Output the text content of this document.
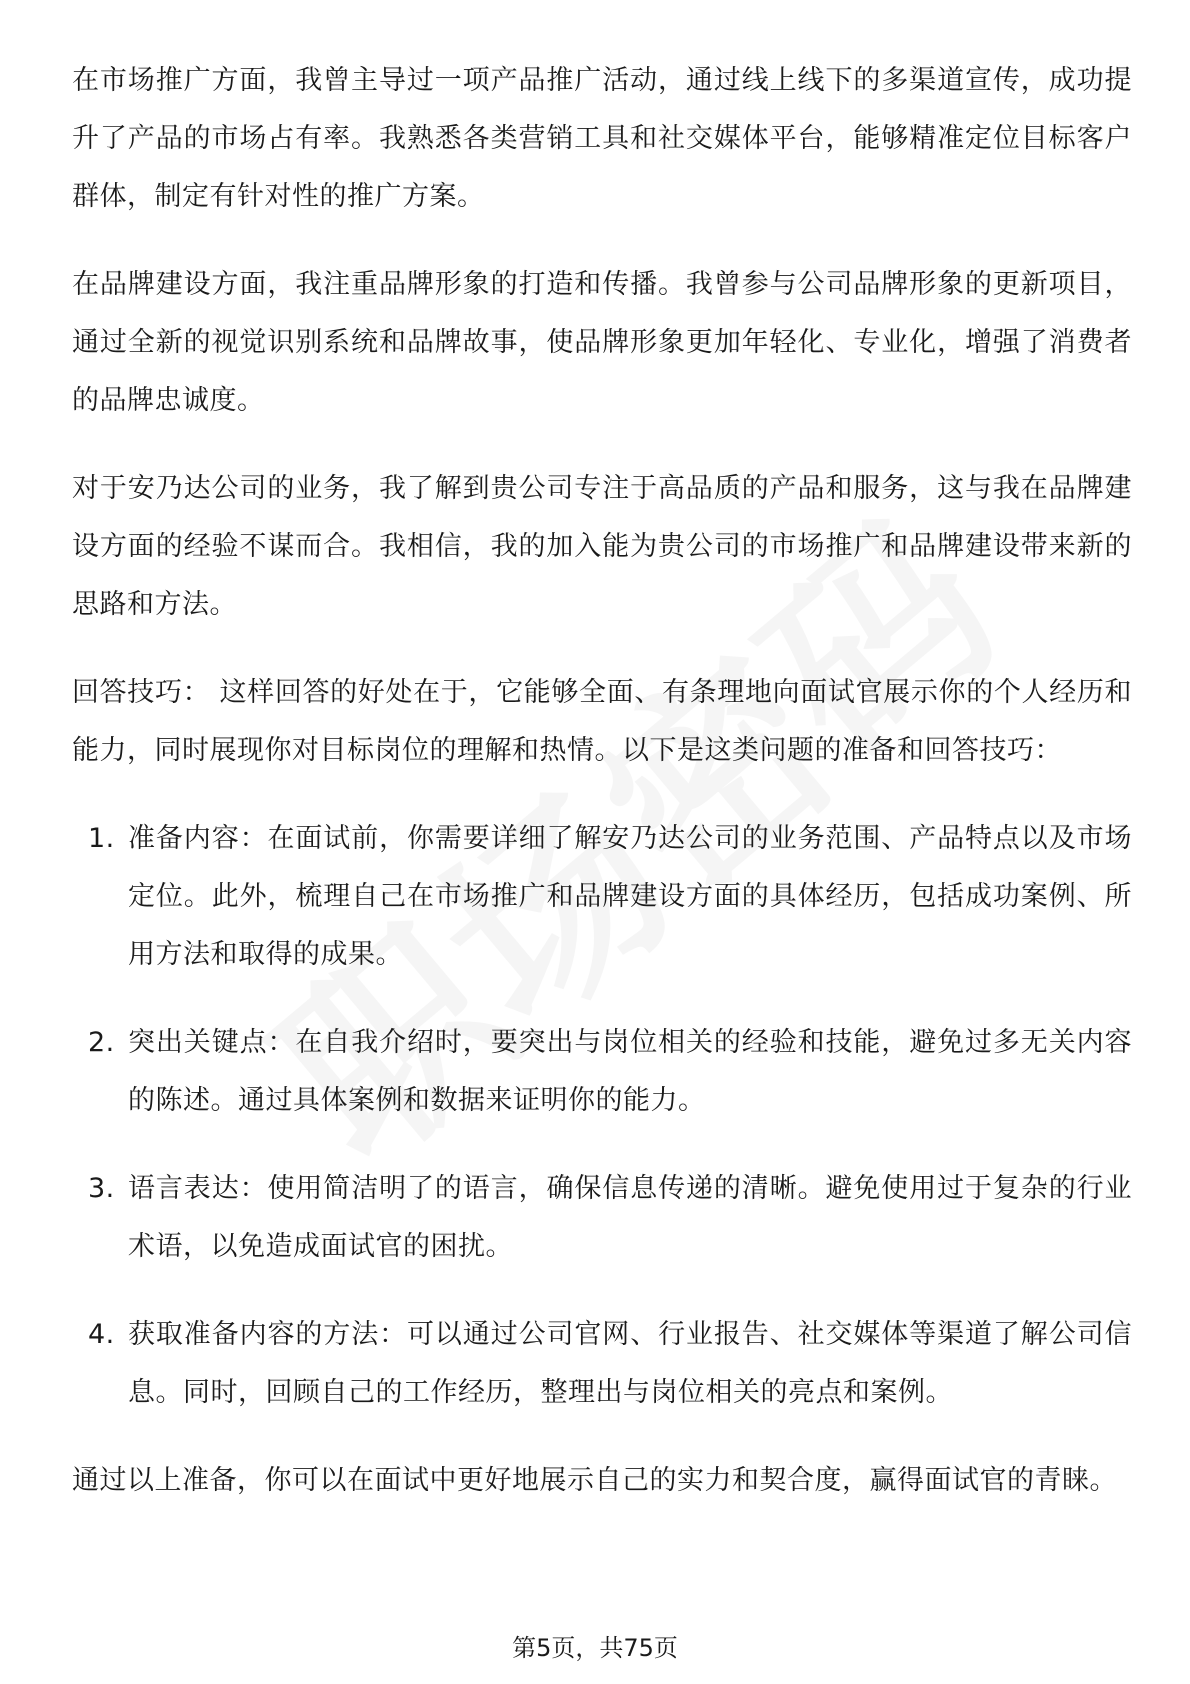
在市场推广方面，我曾主导过一项产品推广活动，通过线上线下的多渠道宣传，成功提升了产品的市场占有率。我熟悉各类营销工具和社交媒体平台，能够精准定位目标客户群体，制定有针对性的推广方案。

在品牌建设方面，我注重品牌形象的打造和传播。我曾参与公司品牌形象的更新项目，通过全新的视觉识别系统和品牌故事，使品牌形象更加年轻化、专业化，增强了消费者的品牌忠诚度。

对于安乃达公司的业务，我了解到贵公司专注于高品质的产品和服务，这与我在品牌建设方面的经验不谋而合。我相信，我的加入能为贵公司的市场推广和品牌建设带来新的思路和方法。

回答技巧： 这样回答的好处在于，它能够全面、有条理地向面试官展示你的个人经历和能力，同时展现你对目标岗位的理解和热情。以下是这类问题的准备和回答技巧：

1. 准备内容：在面试前，你需要详细了解安乃达公司的业务范围、产品特点以及市场定位。此外，梳理自己在市场推广和品牌建设方面的具体经历，包括成功案例、所用方法和取得的成果。
2. 突出关键点：在自我介绍时，要突出与岗位相关的经验和技能，避免过多无关内容的陈述。通过具体案例和数据来证明你的能力。
3. 语言表达：使用简洁明了的语言，确保信息传递的清晰。避免使用过于复杂的行业术语，以免造成面试官的困扰。
4. 获取准备内容的方法：可以通过公司官网、行业报告、社交媒体等渠道了解公司信息。同时，回顾自己的工作经历，整理出与岗位相关的亮点和案例。

通过以上准备，你可以在面试中更好地展示自己的实力和契合度，赢得面试官的青睐。

第5页，共75页
